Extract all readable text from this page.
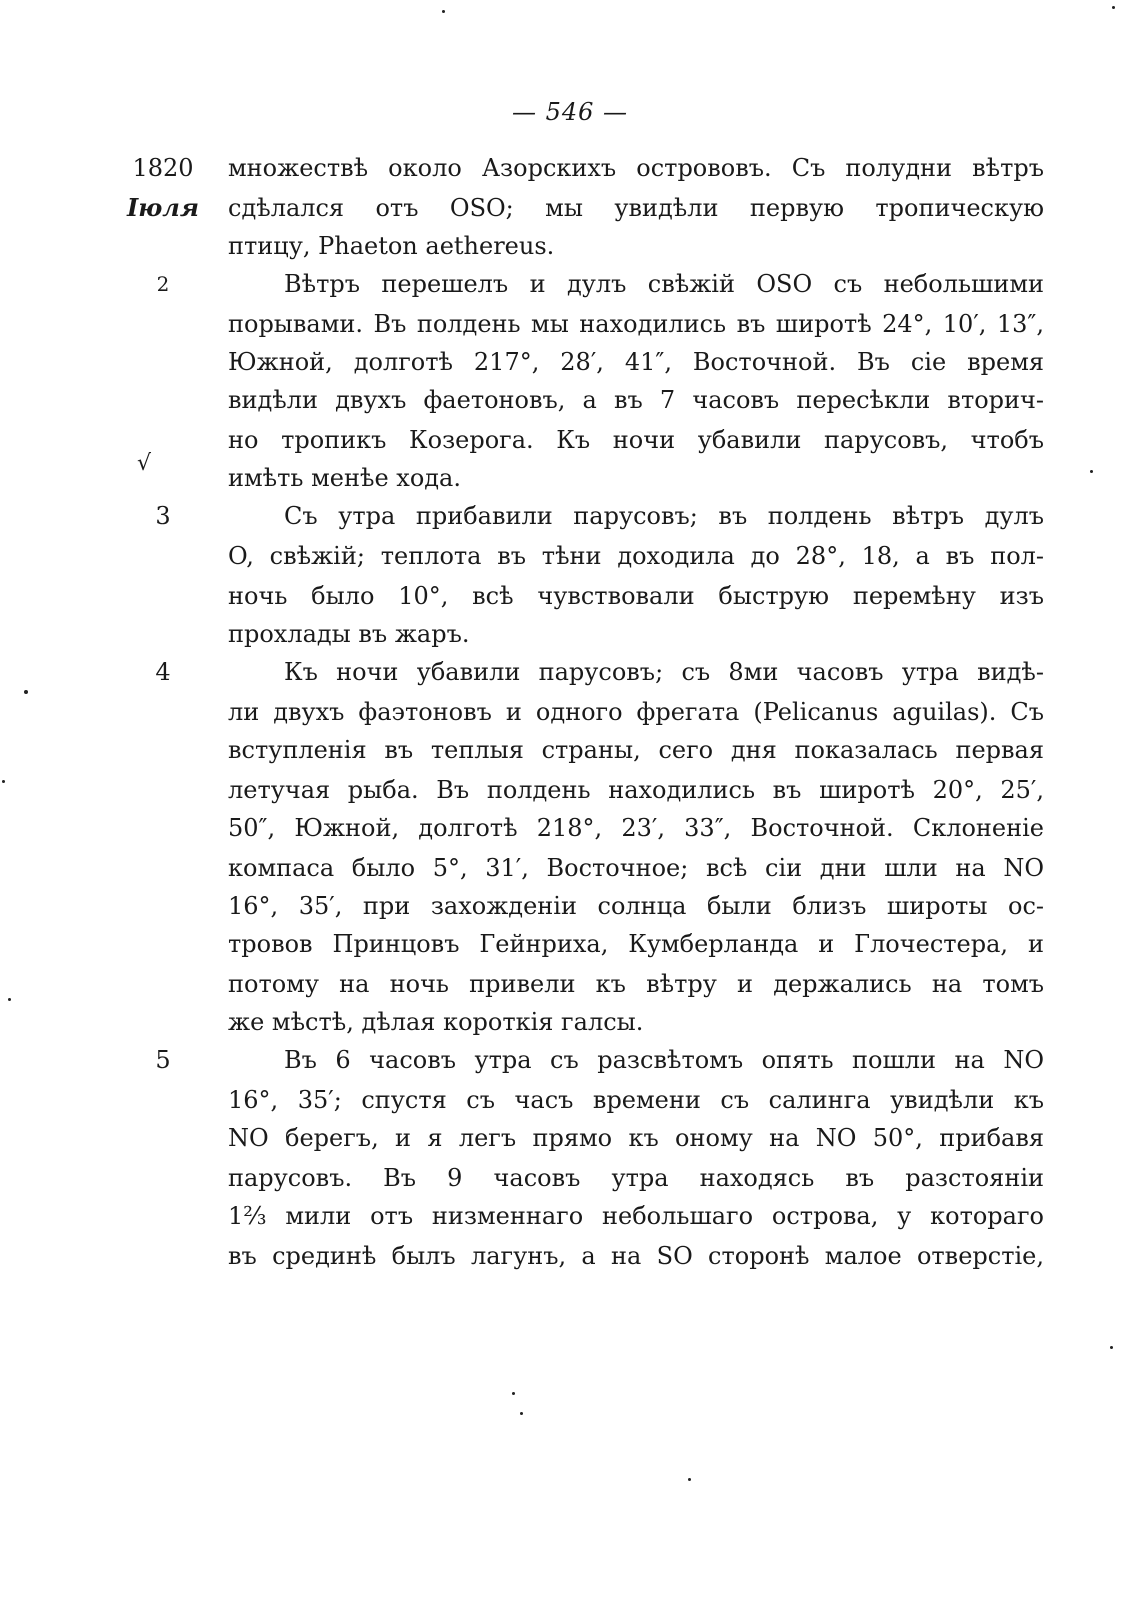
— 546 —
1820
Іюля
2
√
3
4
5
множествѣ около Азорскихъ острововъ. Съ полудни вѣтръ
сдѣлался отъ OSO; мы увидѣли первую тропическую
птицу, Phaeton aethereus.
Вѣтръ перешелъ и дулъ свѣжій OSO съ небольшими
порывами. Въ полдень мы находились въ широтѣ 24°, 10′, 13″,
Южной, долготѣ 217°, 28′, 41″, Восточной. Въ сіе время
видѣли двухъ фаетоновъ, а въ 7 часовъ пересѣкли вторич-
но тропикъ Козерога. Къ ночи убавили парусовъ, чтобъ
имѣть менѣе хода.
Съ утра прибавили парусовъ; въ полдень вѣтръ дулъ
O, свѣжій; теплота въ тѣни доходила до 28°, 18, а въ пол-
ночь было 10°, всѣ чувствовали быструю перемѣну изъ
прохлады въ жаръ.
Къ ночи убавили парусовъ; съ 8ми часовъ утра видѣ-
ли двухъ фаэтоновъ и одного фрегата (Pelicanus aguilas). Съ
вступленія въ теплыя страны, сего дня показалась первая
летучая рыба. Въ полдень находились въ широтѣ 20°, 25′,
50″, Южной, долготѣ 218°, 23′, 33″, Восточной. Склоненіе
компаса было 5°, 31′, Восточное; всѣ сіи дни шли на NO
16°, 35′, при захожденіи солнца были близъ широты ос-
тровов Принцовъ Гейнриха, Кумберланда и Глочестера, и
потому на ночь привели къ вѣтру и держались на томъ
же мѣстѣ, дѣлая короткія галсы.
Въ 6 часовъ утра съ разсвѣтомъ опять пошли на NO
16°, 35′; спустя съ часъ времени съ салинга увидѣли къ
NO берегъ, и я легъ прямо къ оному на NO 50°, прибавя
парусовъ. Въ 9 часовъ утра находясь въ разстояніи
1⅔ мили отъ низменнаго небольшаго острова, у котораго
въ срединѣ былъ лагунъ, а на SO сторонѣ малое отверстіе,
